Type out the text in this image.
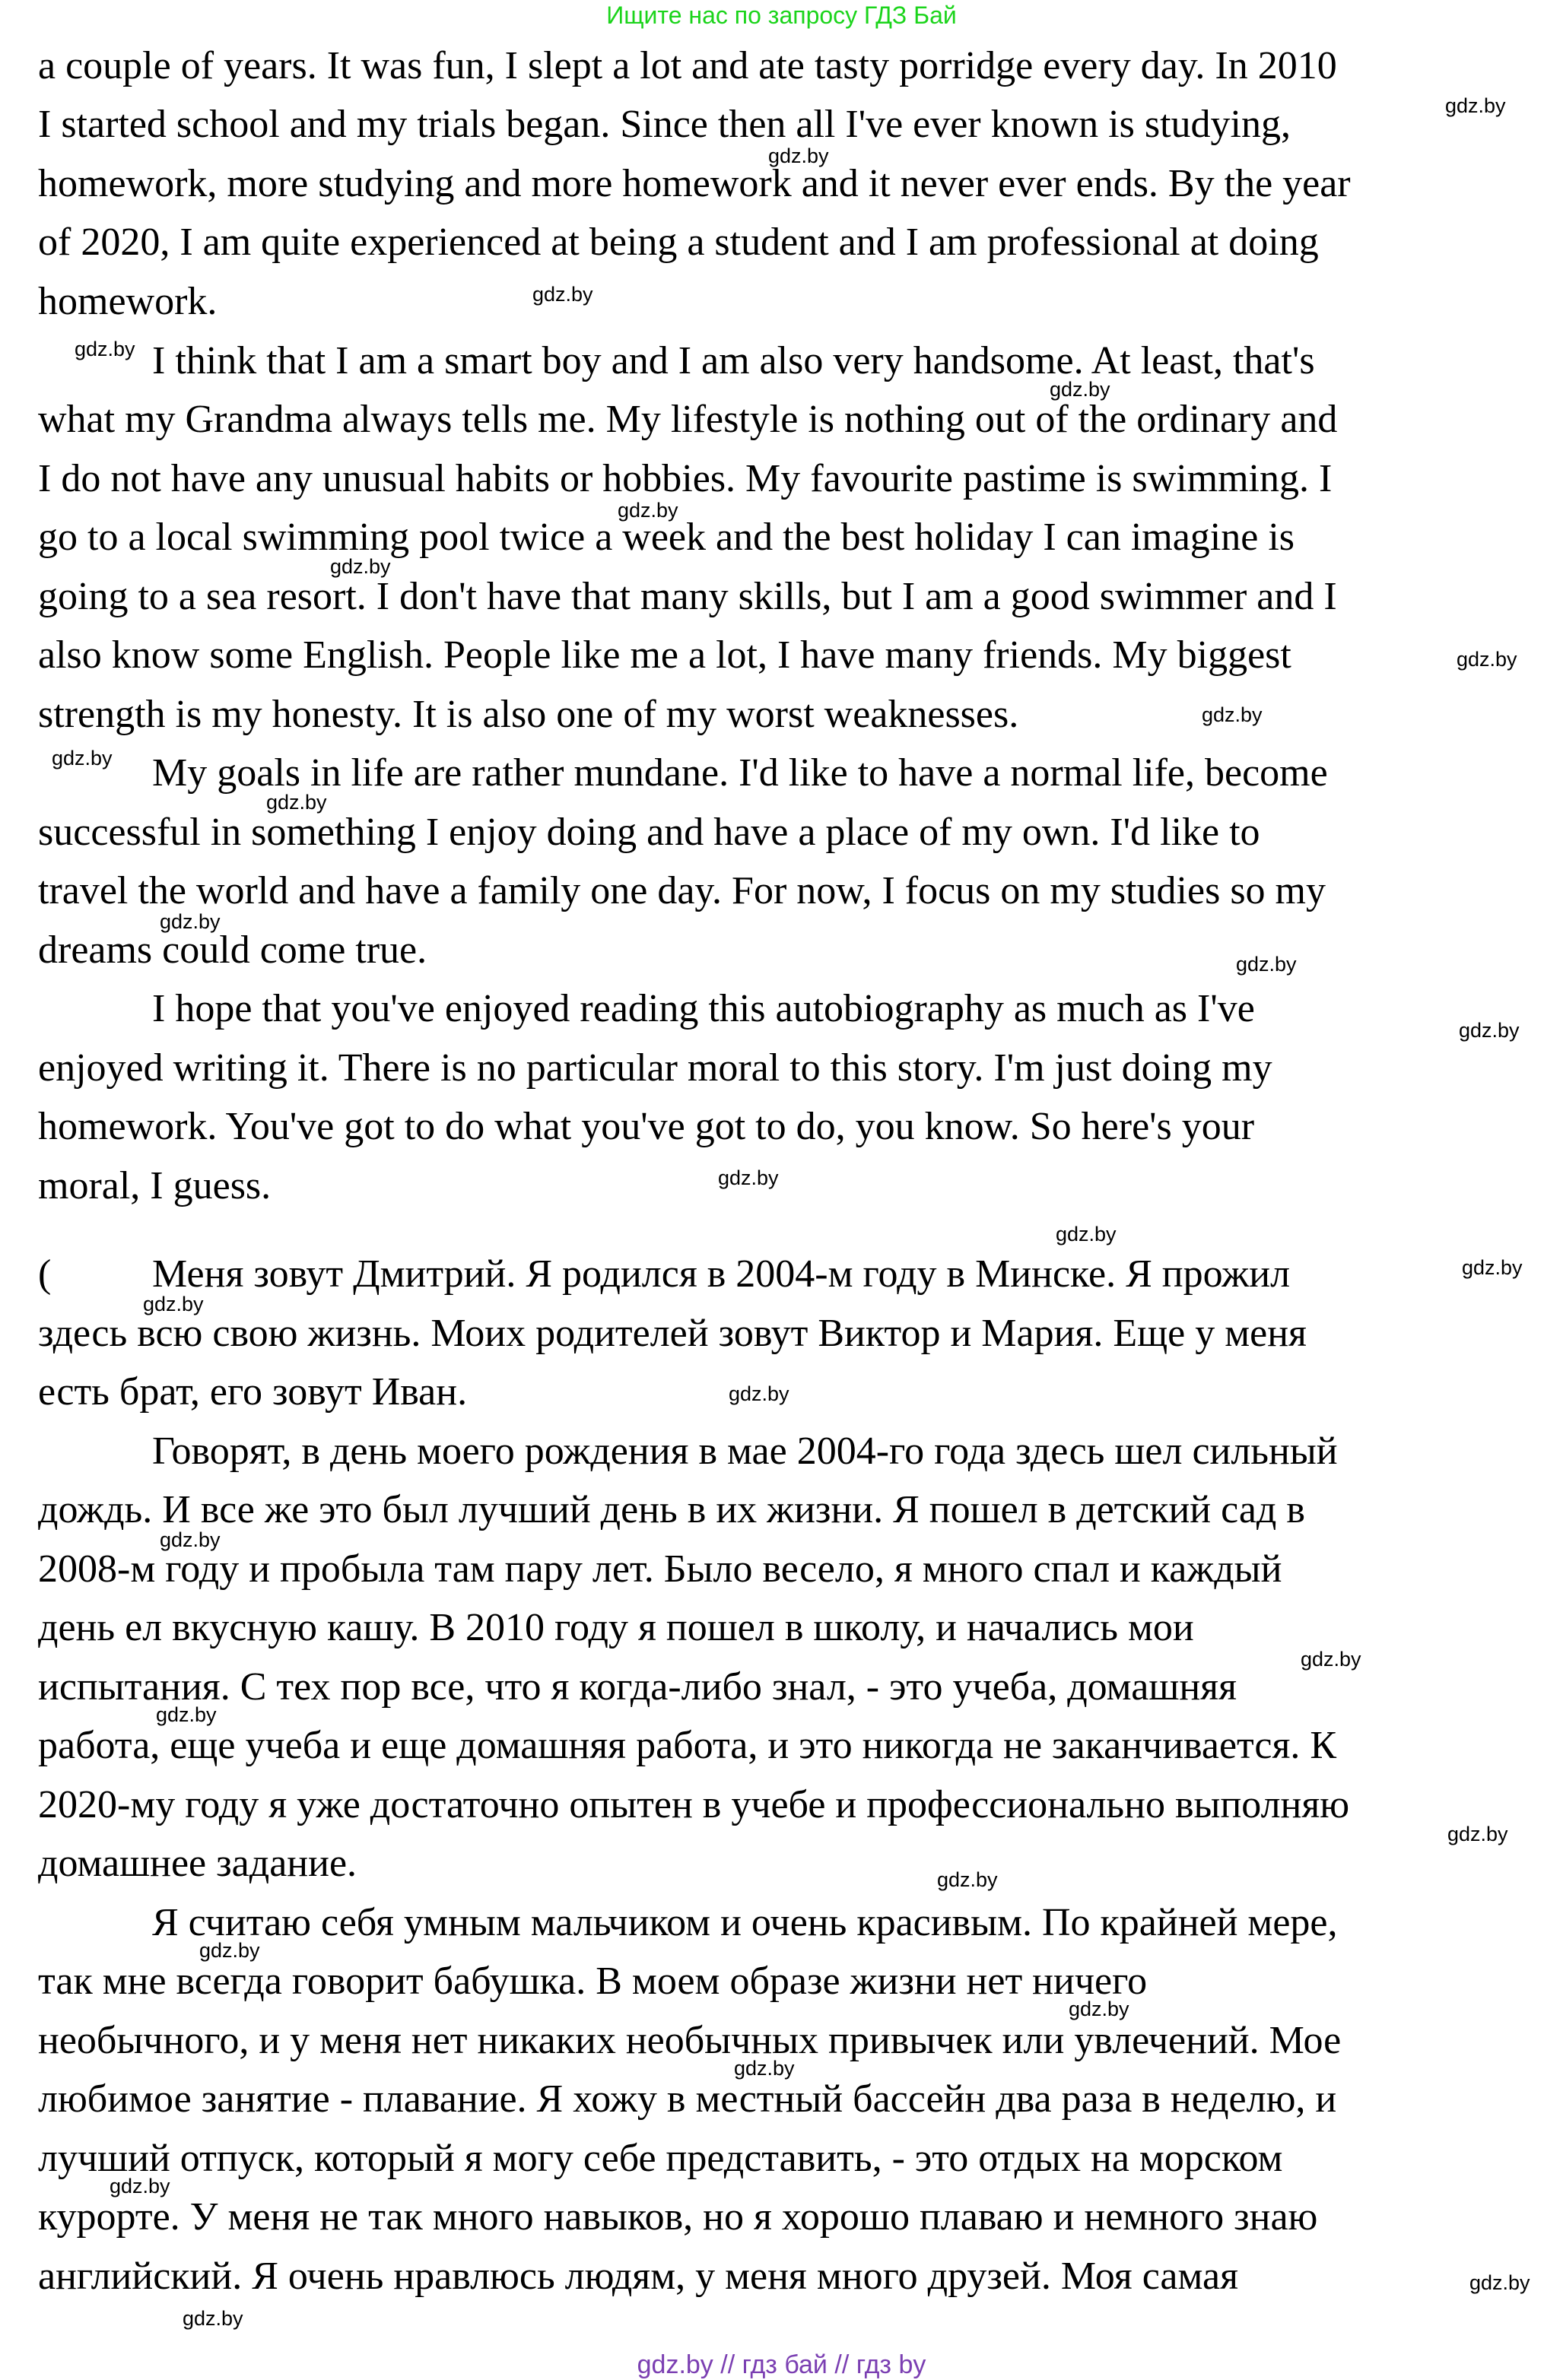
Ищите нас по запросу ГДЗ Бай
a couple of years. It was fun, I slept a lot and ate tasty porridge every day. In 2010
I started school and my trials began. Since then all I've ever known is studying,
homework, more studying and more homework and it never ever ends. By the year
of 2020, I am quite experienced at being a student and I am professional at doing
homework.
I think that I am a smart boy and I am also very handsome. At least, that's
what my Grandma always tells me. My lifestyle is nothing out of the ordinary and
I do not have any unusual habits or hobbies. My favourite pastime is swimming. I
go to a local swimming pool twice a week and the best holiday I can imagine is
going to a sea resort. I don't have that many skills, but I am a good swimmer and I
also know some English. People like me a lot, I have many friends. My biggest
strength is my honesty. It is also one of my worst weaknesses.
My goals in life are rather mundane. I'd like to have a normal life, become
successful in something I enjoy doing and have a place of my own. I'd like to
travel the world and have a family one day. For now, I focus on my studies so my
dreams could come true.
I hope that you've enjoyed reading this autobiography as much as I've
enjoyed writing it. There is no particular moral to this story. I'm just doing my
homework. You've got to do what you've got to do, you know. So here's your
moral, I guess.
(	Меня зовут Дмитрий. Я родился в 2004-м году в Минске. Я прожил
здесь всю свою жизнь. Моих родителей зовут Виктор и Мария. Еще у меня
есть брат, его зовут Иван.
Говорят, в день моего рождения в мае 2004-го года здесь шел сильный
дождь. И все же это был лучший день в их жизни. Я пошел в детский сад в
2008-м году и пробыла там пару лет. Было весело, я много спал и каждый
день ел вкусную кашу. В 2010 году я пошел в школу, и начались мои
испытания. С тех пор все, что я когда-либо знал, - это учеба, домашняя
работа, еще учеба и еще домашняя работа, и это никогда не заканчивается. К
2020-му году я уже достаточно опытен в учебе и профессионально выполняю
домашнее задание.
Я считаю себя умным мальчиком и очень красивым. По крайней мере,
так мне всегда говорит бабушка. В моем образе жизни нет ничего
необычного, и у меня нет никаких необычных привычек или увлечений. Мое
любимое занятие - плавание. Я хожу в местный бассейн два раза в неделю, и
лучший отпуск, который я могу себе представить, - это отдых на морском
курорте. У меня не так много навыков, но я хорошо плаваю и немного знаю
английский. Я очень нравлюсь людям, у меня много друзей. Моя самая
gdz.by
gdz.by
gdz.by
gdz.by
gdz.by
gdz.by
gdz.by
gdz.by
gdz.by
gdz.by
gdz.by
gdz.by
gdz.by
gdz.by
gdz.by
gdz.by
gdz.by
gdz.by
gdz.by
gdz.by
gdz.by
gdz.by
gdz.by
gdz.by
gdz.by
gdz.by
gdz.by
gdz.by
gdz.by
gdz.by
gdz.by // гдз бай // гдз by
